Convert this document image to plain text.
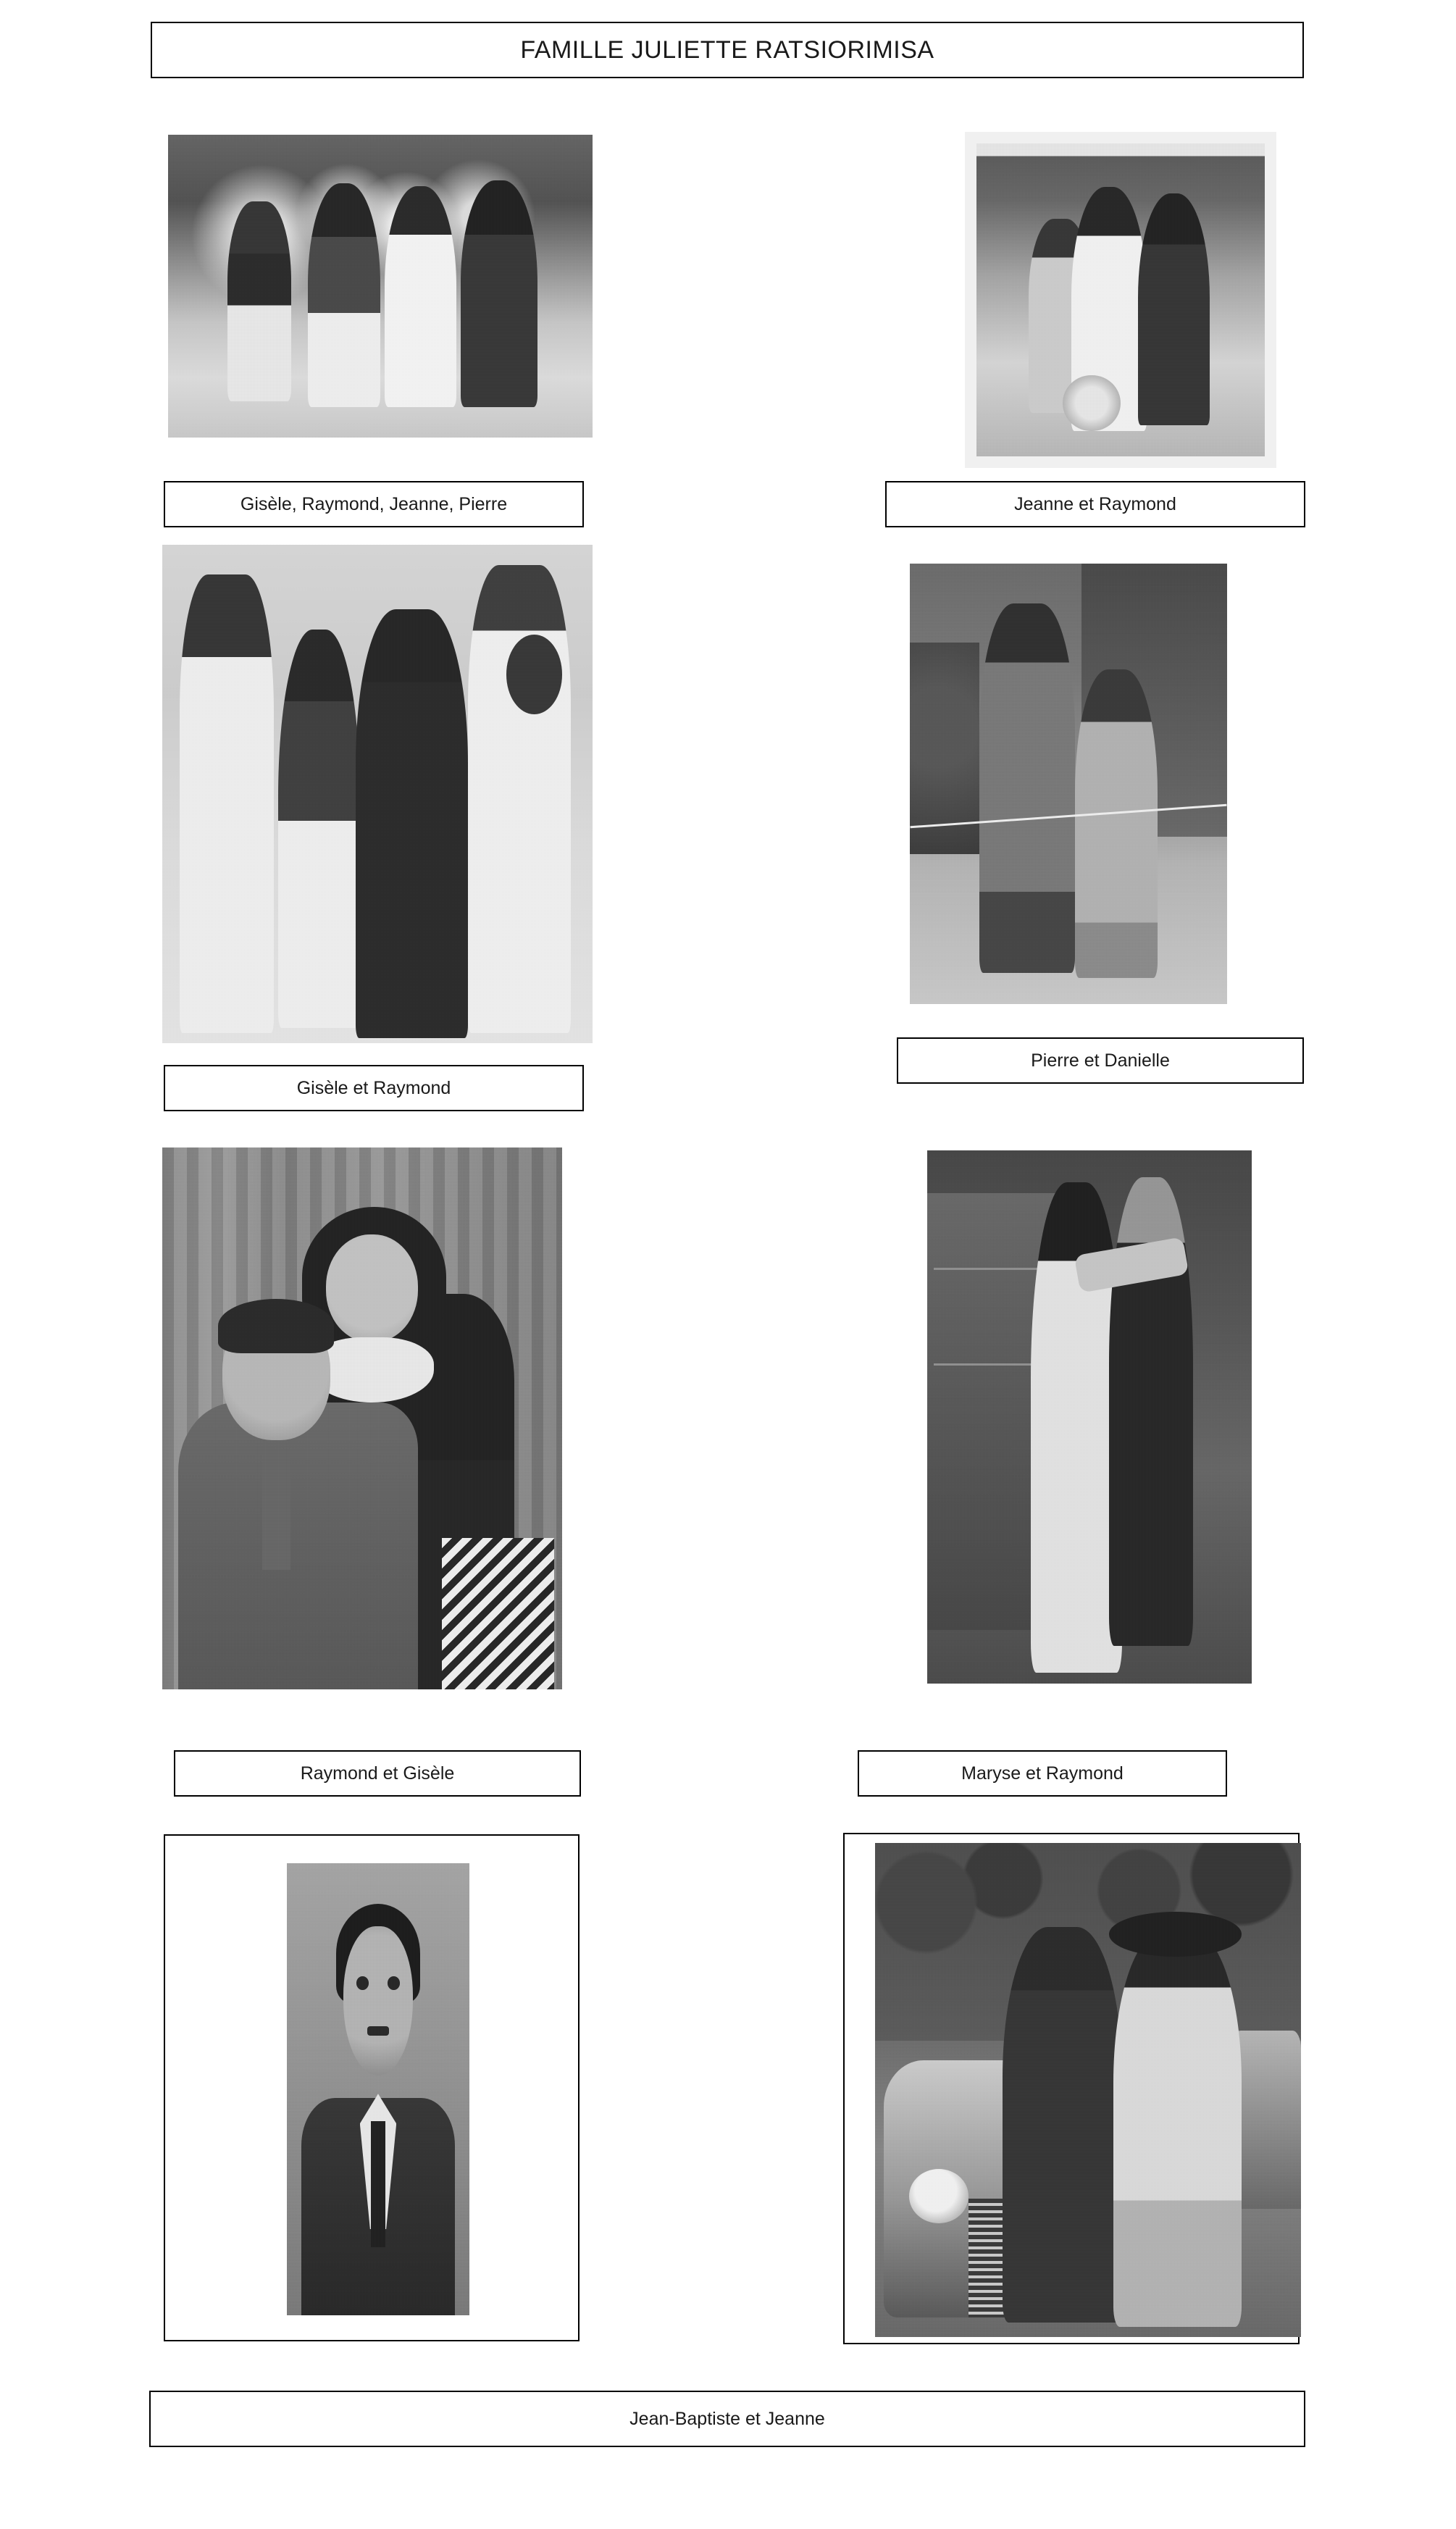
FAMILLE JULIETTE RATSIORIMISA
Gisèle, Raymond, Jeanne, Pierre	Jeanne et Raymond
Gisèle et Raymond
Pierre et Danielle
Raymond et Gisèle	Maryse et Raymond
Jean-Baptiste et Jeanne
